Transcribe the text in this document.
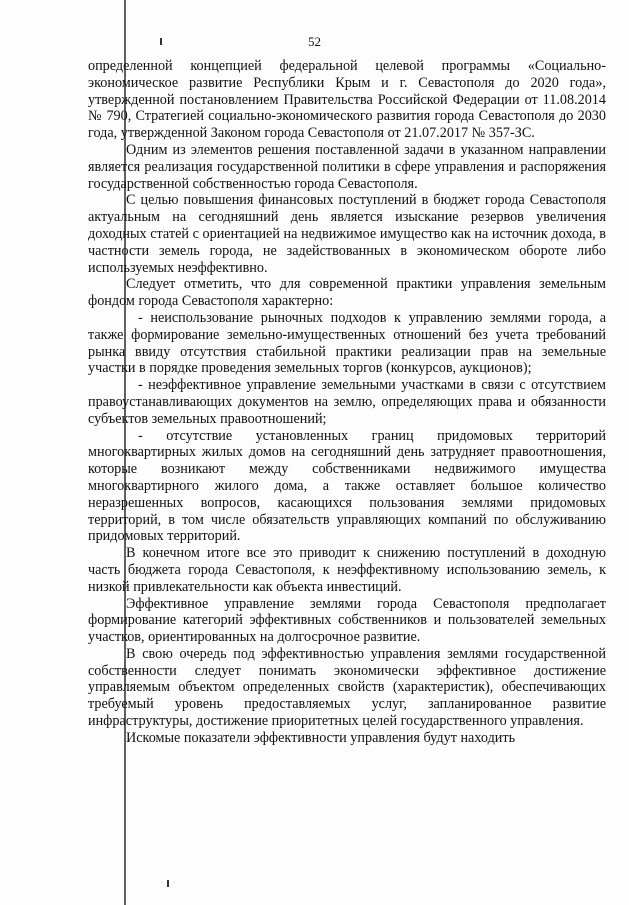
52

определенной концепцией федеральной целевой программы «Социально-экономическое развитие Республики Крым и г. Севастополя до 2020 года», утвержденной постановлением Правительства Российской Федерации от 11.08.2014 № 790, Стратегией социально-экономического развития города Севастополя до 2030 года, утвержденной Законом города Севастополя от 21.07.2017 № 357-ЗС.

Одним из элементов решения поставленной задачи в указанном направлении является реализация государственной политики в сфере управления и распоряжения государственной собственностью города Севастополя.

С целью повышения финансовых поступлений в бюджет города Севастополя актуальным на сегодняшний день является изыскание резервов увеличения доходных статей с ориентацией на недвижимое имущество как на источник дохода, в частности земель города, не задействованных в экономическом обороте либо используемых неэффективно.

Следует отметить, что для современной практики управления земельным фондом города Севастополя характерно:

- неиспользование рыночных подходов к управлению землями города, а также формирование земельно-имущественных отношений без учета требований рынка ввиду отсутствия стабильной практики реализации прав на земельные участки в порядке проведения земельных торгов (конкурсов, аукционов);

- неэффективное управление земельными участками в связи с отсутствием правоустанавливающих документов на землю, определяющих права и обязанности субъектов земельных правоотношений;

- отсутствие установленных границ придомовых территорий многоквартирных жилых домов на сегодняшний день затрудняет правоотношения, которые возникают между собственниками недвижимого имущества многоквартирного жилого дома, а также оставляет большое количество неразрешенных вопросов, касающихся пользования землями придомовых территорий, в том числе обязательств управляющих компаний по обслуживанию придомовых территорий.

В конечном итоге все это приводит к снижению поступлений в доходную часть бюджета города Севастополя, к неэффективному использованию земель, к низкой привлекательности как объекта инвестиций.

Эффективное управление землями города Севастополя предполагает формирование категорий эффективных собственников и пользователей земельных участков, ориентированных на долгосрочное развитие.

В свою очередь под эффективностью управления землями государственной собственности следует понимать экономически эффективное достижение управляемым объектом определенных свойств (характеристик), обеспечивающих требуемый уровень предоставляемых услуг, запланированное развитие инфраструктуры, достижение приоритетных целей государственного управления.

Искомые показатели эффективности управления будут находить
